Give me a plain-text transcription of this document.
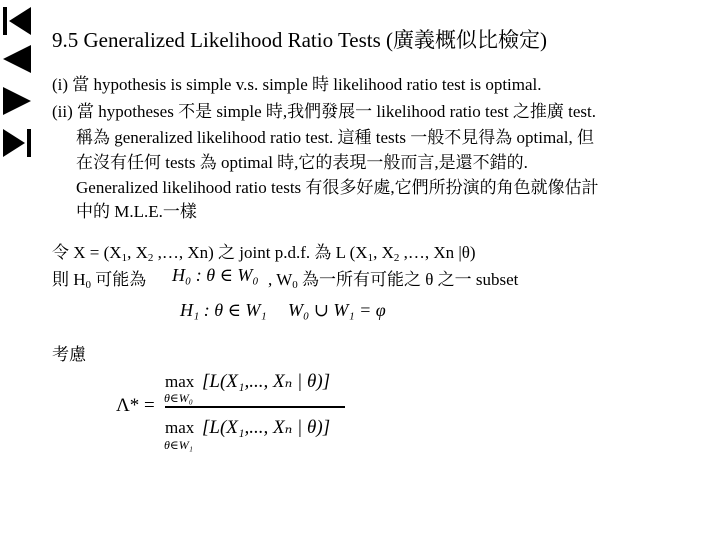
9.5 Generalized Likelihood Ratio Tests (廣義概似比檢定)
(i) 當 hypothesis is simple v.s. simple 時 likelihood ratio test is optimal.
(ii) 當 hypotheses 不是 simple 時,我們發展一 likelihood ratio test 之推廣 test.
稱為 generalized likelihood ratio test. 這種 tests 一般不見得為 optimal, 但
在沒有任何 tests 為 optimal 時,它的表現一般而言,是還不錯的.
Generalized likelihood ratio tests 有很多好處,它們所扮演的角色就像估計
中的 M.L.E.一樣
令 $X = (X_1$, $X_2$ ,…, Xn) 之 joint p.d.f. 為 L ($X_1$, $X_2$ ,…, Xn |θ)
則 $H_0$ 可能為 H₀ : θ ∈ W₀ , $W_0$ 為一所有可能之 θ 之一 subset
H₁ : θ ∈ W₁ W₀ ∪ W₁ = φ
考慮
Λ* =
max
θ∈W₀
[L(X₁,..., Xₙ | θ)]
max
θ∈W₁
[L(X₁,..., Xₙ | θ)]
